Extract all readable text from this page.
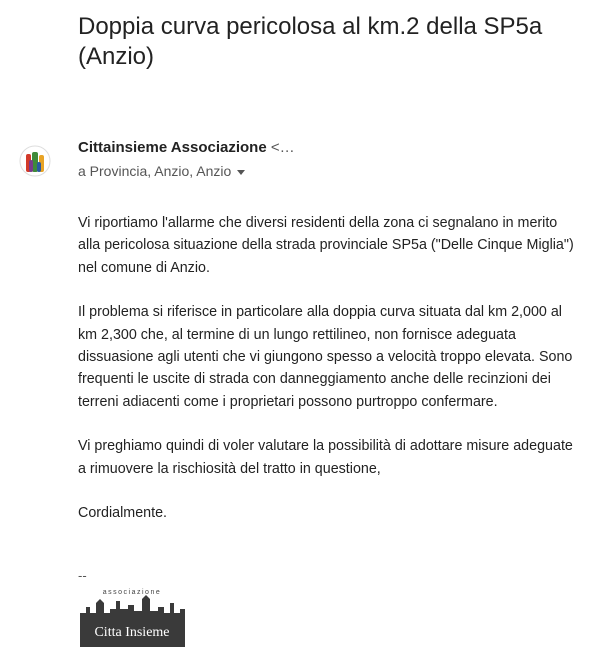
Doppia curva pericolosa al km.2 della SP5a (Anzio)
Cittainsieme Associazione <…
a Provincia, Anzio, Anzio

Vi riportiamo l'allarme che diversi residenti della zona ci segnalano in merito alla pericolosa situazione della strada provinciale SP5a ("Delle Cinque Miglia") nel comune di Anzio.

Il problema si riferisce in particolare alla doppia curva situata dal km 2,000 al km 2,300 che, al termine di un lungo rettilineo, non fornisce adeguata dissuasione agli utenti che vi giungono spesso a velocità troppo elevata. Sono frequenti le uscite di strada con danneggiamento anche delle recinzioni dei terreni adiacenti come i proprietari possono purtroppo confermare.

Vi preghiamo quindi di voler valutare la possibilità di adottare misure adeguate a rimuovere la rischiosità del tratto in questione,

Cordialmente.

--
associazione
Citta Insieme
